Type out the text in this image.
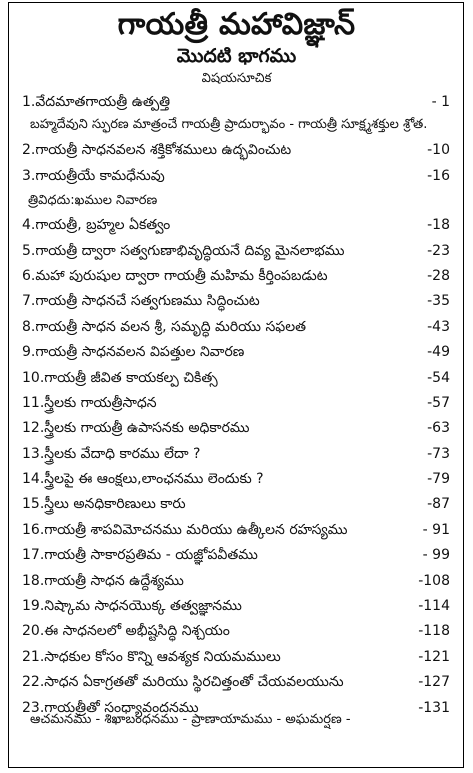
గాయత్రీ మహావిజ్ఞాన్
మొదటి భాగము
విషయసూచిక
1.వేదమాతగాయత్రీ ఉత్పత్తి	- 1
బహ్మదేవుని స్ఫురణ మాత్రంచే గాయత్రీ ప్రాదుర్భావం - గాయత్రీ సూక్ష్మశక్తుల శ్రోత.
2.గాయత్రీ సాధనవలన శక్తికోశములు ఉద్భవించుట	-10
3.గాయత్రీయే కామధేనువు	-16
త్రివిధదు:ఖముల నివారణ
4.గాయత్రీ, బ్రహ్మల ఏకత్వం	-18
5.గాయత్రీ ద్వారా సత్వగుణాభివృద్ధియనే దివ్య మైనలాభము	-23
6.మహా పురుషుల ద్వారా గాయత్రీ మహిమ కీర్తింపబడుట	-28
7.గాయత్రీ సాధనచే సత్వగుణము సిద్ధించుట	-35
8.గాయత్రీ సాధన వలన శ్రీ, సమృద్ధి మరియు సఫలత	-43
9.గాయత్రీ సాధనవలన విపత్తుల నివారణ	-49
10.గాయత్రీ జీవిత కాయకల్ప చికిత్స	-54
11.స్త్రీలకు గాయత్రీసాధన	-57
12.స్త్రీలకు గాయత్రీ ఉపాసనకు అధికారము	-63
13.స్త్రీలకు వేదాధి కారము లేదా ?	-73
14.స్త్రీలపై ఈ ఆంక్షలు,లాంఛనము లెందుకు ?	-79
15.స్త్రీలు అనధికారిణులు కారు	-87
16.గాయత్రీ శాపవిమోచనము మరియు ఉత్కీలన రహస్యము	- 91
17.గాయత్రీ సాకారప్రతిమ - యజ్ఞోపవీతము	- 99
18.గాయత్రీ సాధన ఉద్దేశ్యము	-108
19.నిష్కామ సాధనయొక్క తత్వజ్ఞానము	-114
20.ఈ సాధనలలో అభీష్టసిద్ధి నిశ్చయం	-118
21.సాధకుల కోసం కొన్ని ఆవశ్యక నియమములు	-121
22.సాధన ఏకాగ్రతతో మరియు స్థిరచిత్తంతో చేయవలయును	-127
23.గాయత్రీతో సంధ్యావందనము	-131
ఆచమనము - శిఖాబంధనము - ప్రాణాయామము - అఘమర్షణ -
